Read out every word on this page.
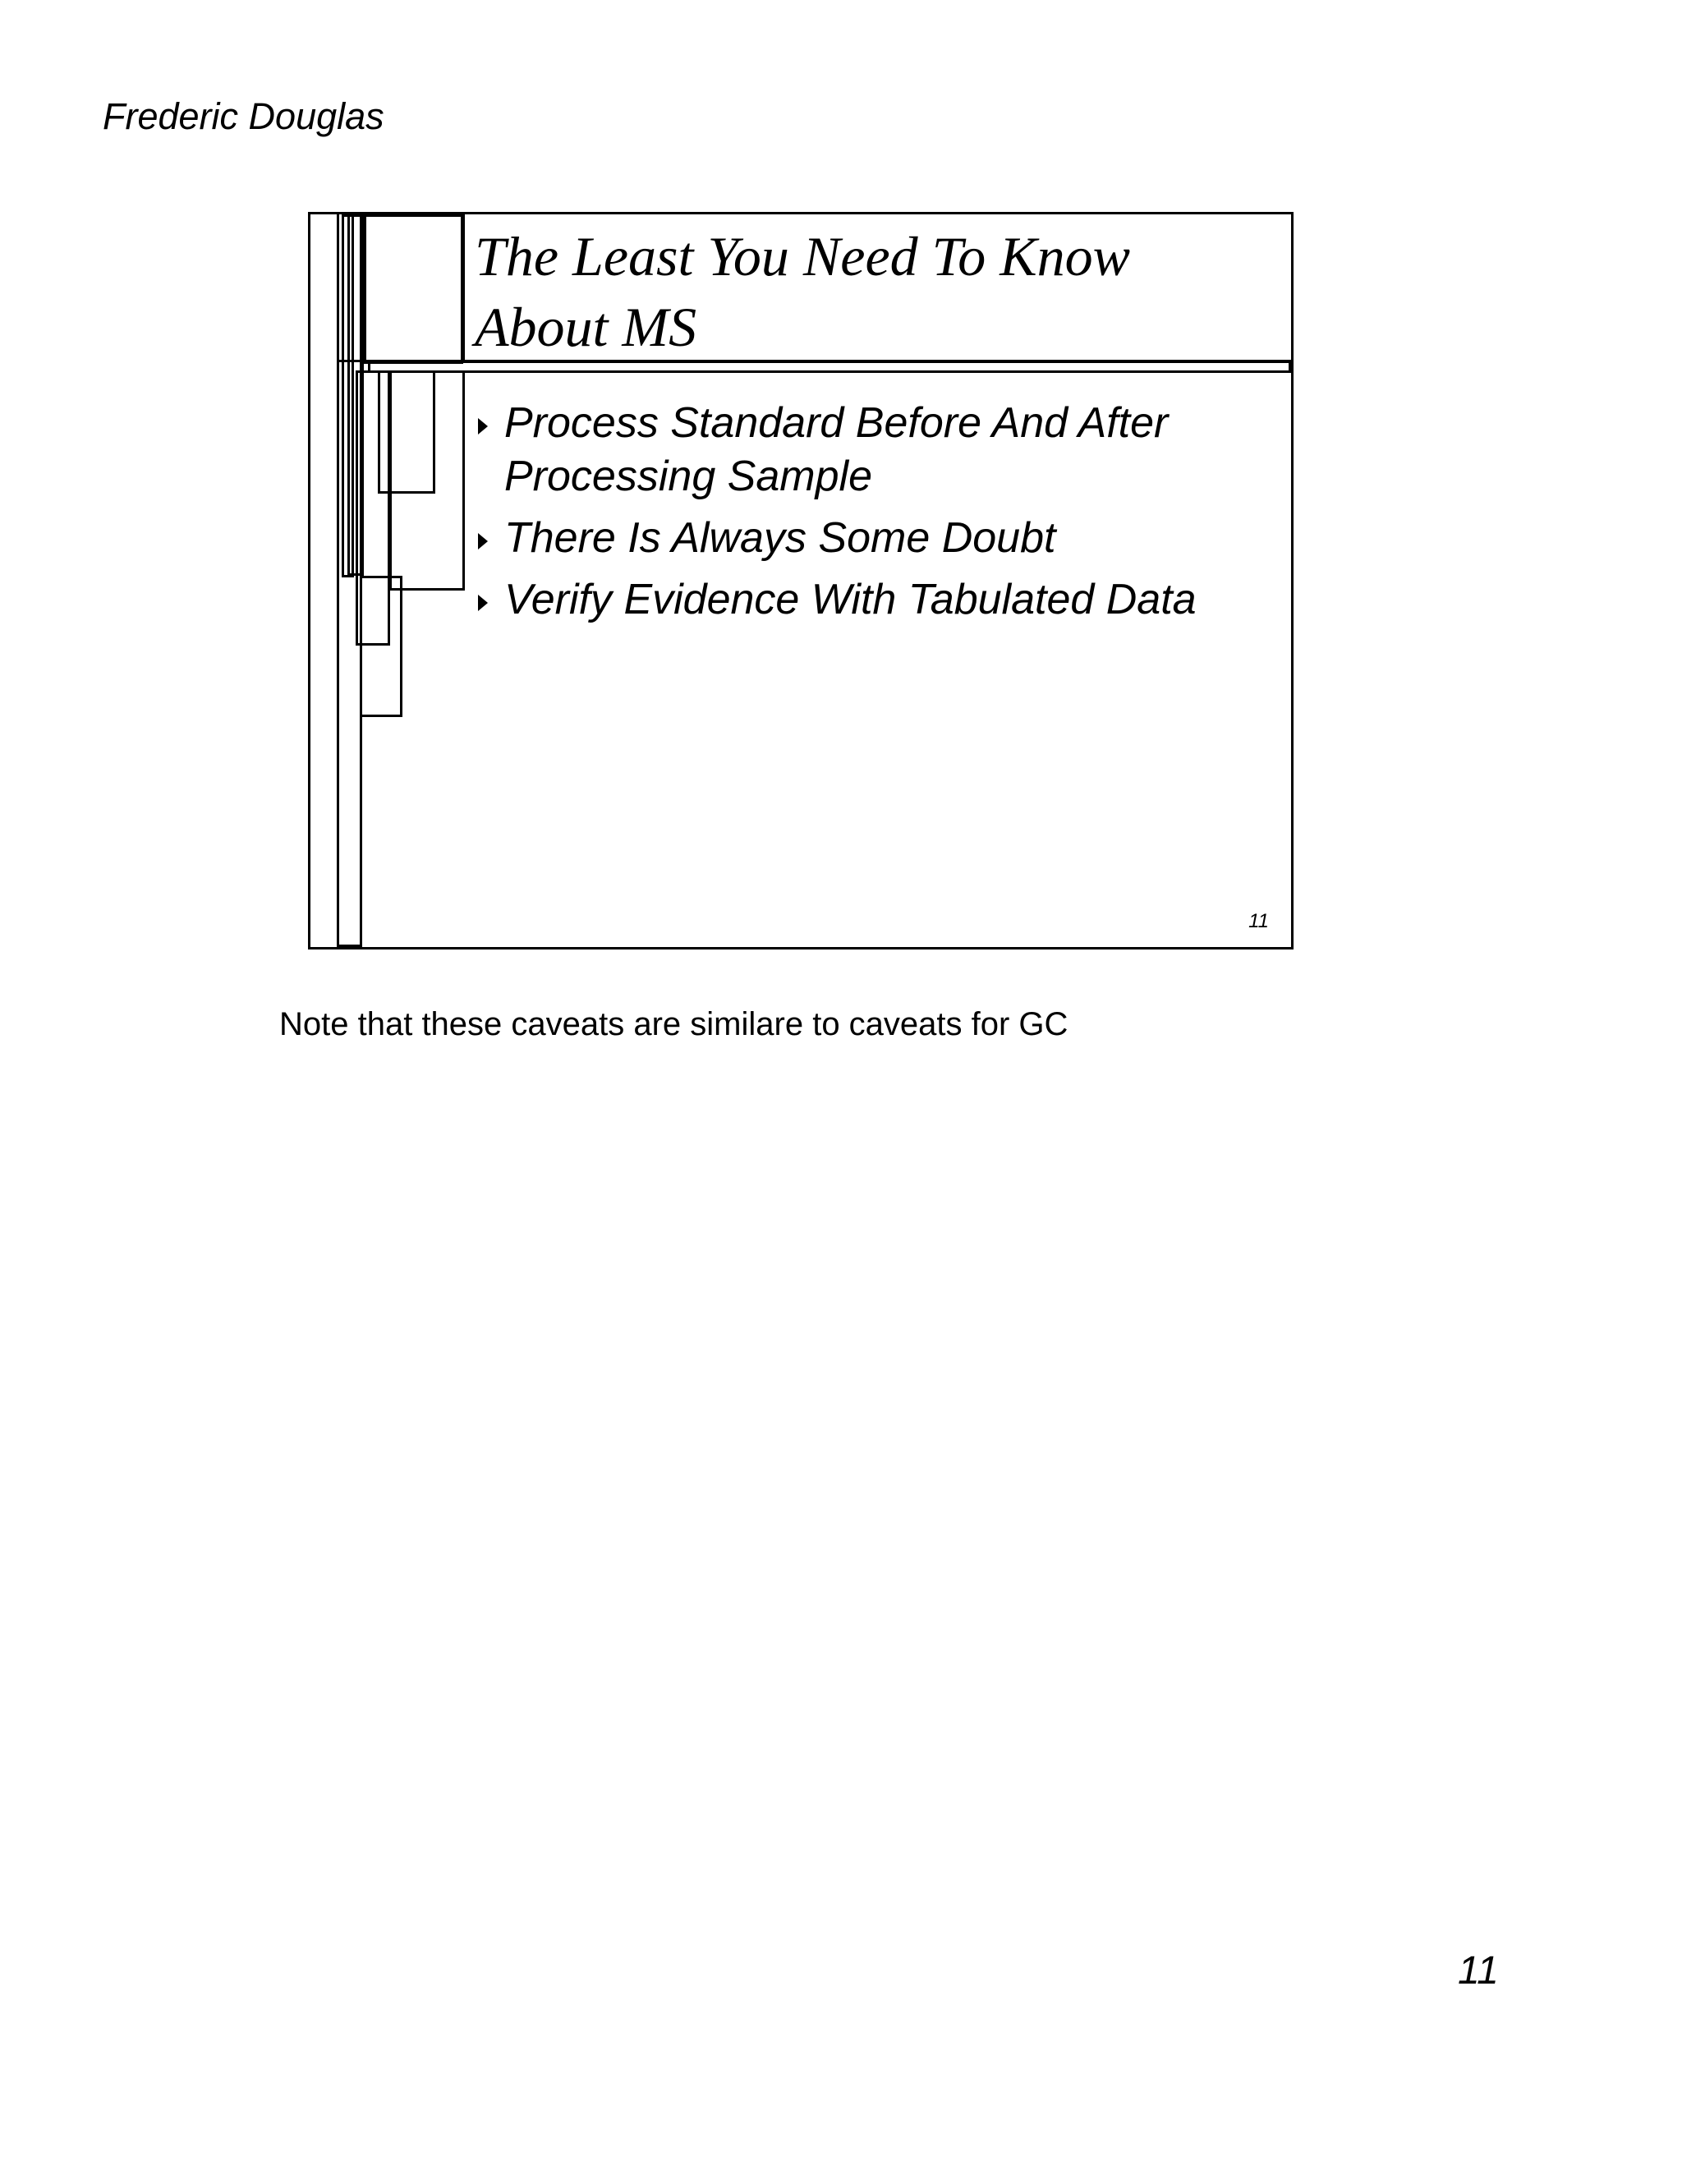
Frederic Douglas
The Least You Need To Know About MS
Process Standard Before And After Processing Sample
There Is Always Some Doubt
Verify Evidence With Tabulated Data
11
Note that these caveats are similare to caveats for GC
11
